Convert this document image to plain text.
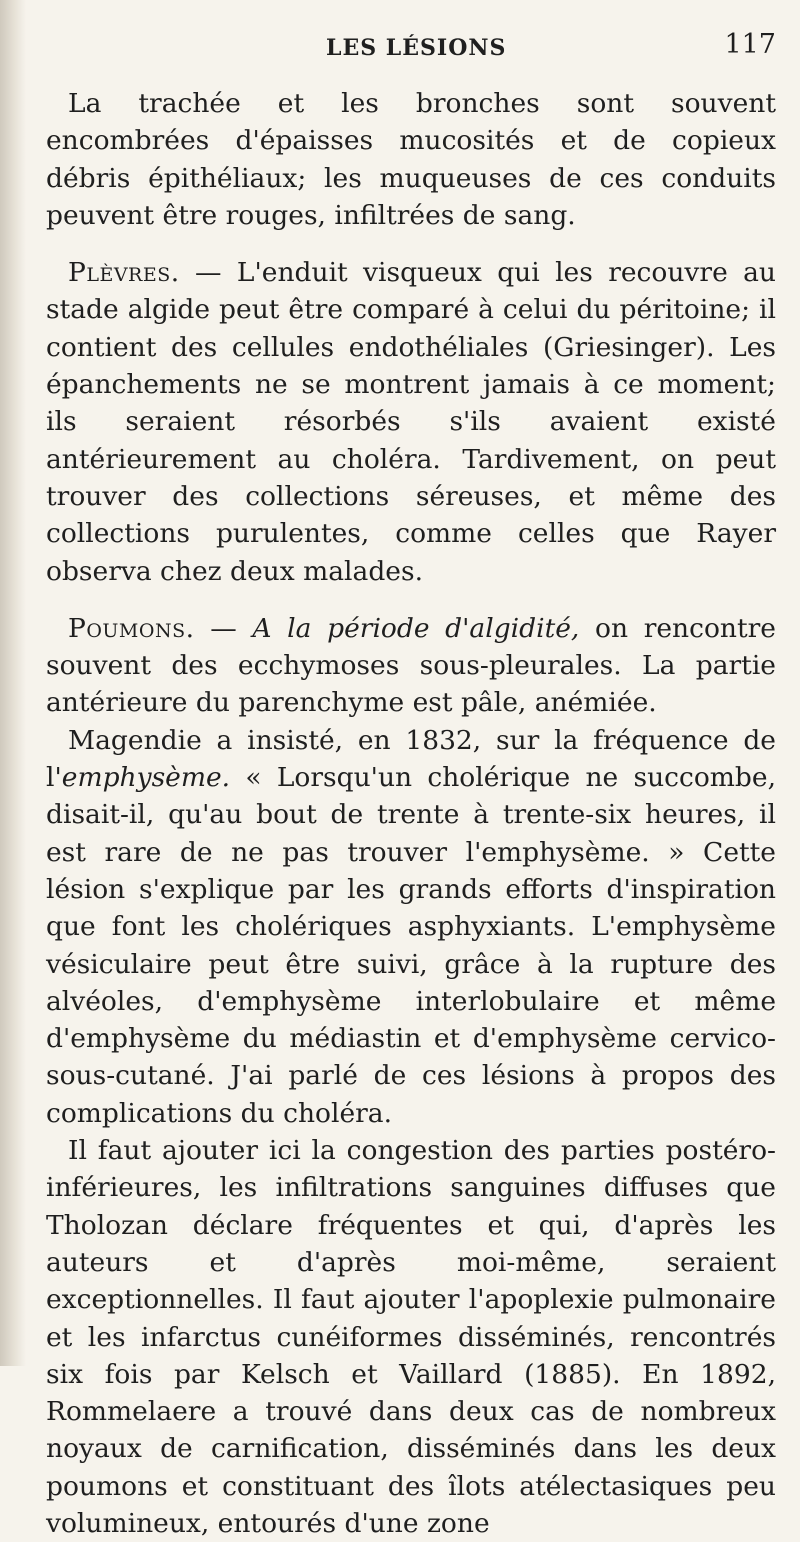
LES LÉSIONS	117

La trachée et les bronches sont souvent encombrées d'épaisses mucosités et de copieux débris épithéliaux; les muqueuses de ces conduits peuvent être rouges, infiltrées de sang.

Plèvres. — L'enduit visqueux qui les recouvre au stade algide peut être comparé à celui du péritoine; il contient des cellules endothéliales (Griesinger). Les épanchements ne se montrent jamais à ce moment; ils seraient résorbés s'ils avaient existé antérieurement au choléra. Tardivement, on peut trouver des collections séreuses, et même des collections purulentes, comme celles que Rayer observa chez deux malades.

Poumons. — A la période d'algidité, on rencontre souvent des ecchymoses sous-pleurales. La partie antérieure du parenchyme est pâle, anémiée.

Magendie a insisté, en 1832, sur la fréquence de l'emphysème. « Lorsqu'un cholérique ne succombe, disait-il, qu'au bout de trente à trente-six heures, il est rare de ne pas trouver l'emphysème. » Cette lésion s'explique par les grands efforts d'inspiration que font les cholériques asphyxiants. L'emphysème vésiculaire peut être suivi, grâce à la rupture des alvéoles, d'emphysème interlobulaire et même d'emphysème du médiastin et d'emphysème cervico-sous-cutané. J'ai parlé de ces lésions à propos des complications du choléra.

Il faut ajouter ici la congestion des parties postéro-inférieures, les infiltrations sanguines diffuses que Tholozan déclare fréquentes et qui, d'après les auteurs et d'après moi-même, seraient exceptionnelles. Il faut ajouter l'apoplexie pulmonaire et les infarctus cunéiformes disséminés, rencontrés six fois par Kelsch et Vaillard (1885). En 1892, Rommelaere a trouvé dans deux cas de nombreux noyaux de carnification, disséminés dans les deux poumons et constituant des îlots atélectasiques peu volumineux, entourés d'une zone
